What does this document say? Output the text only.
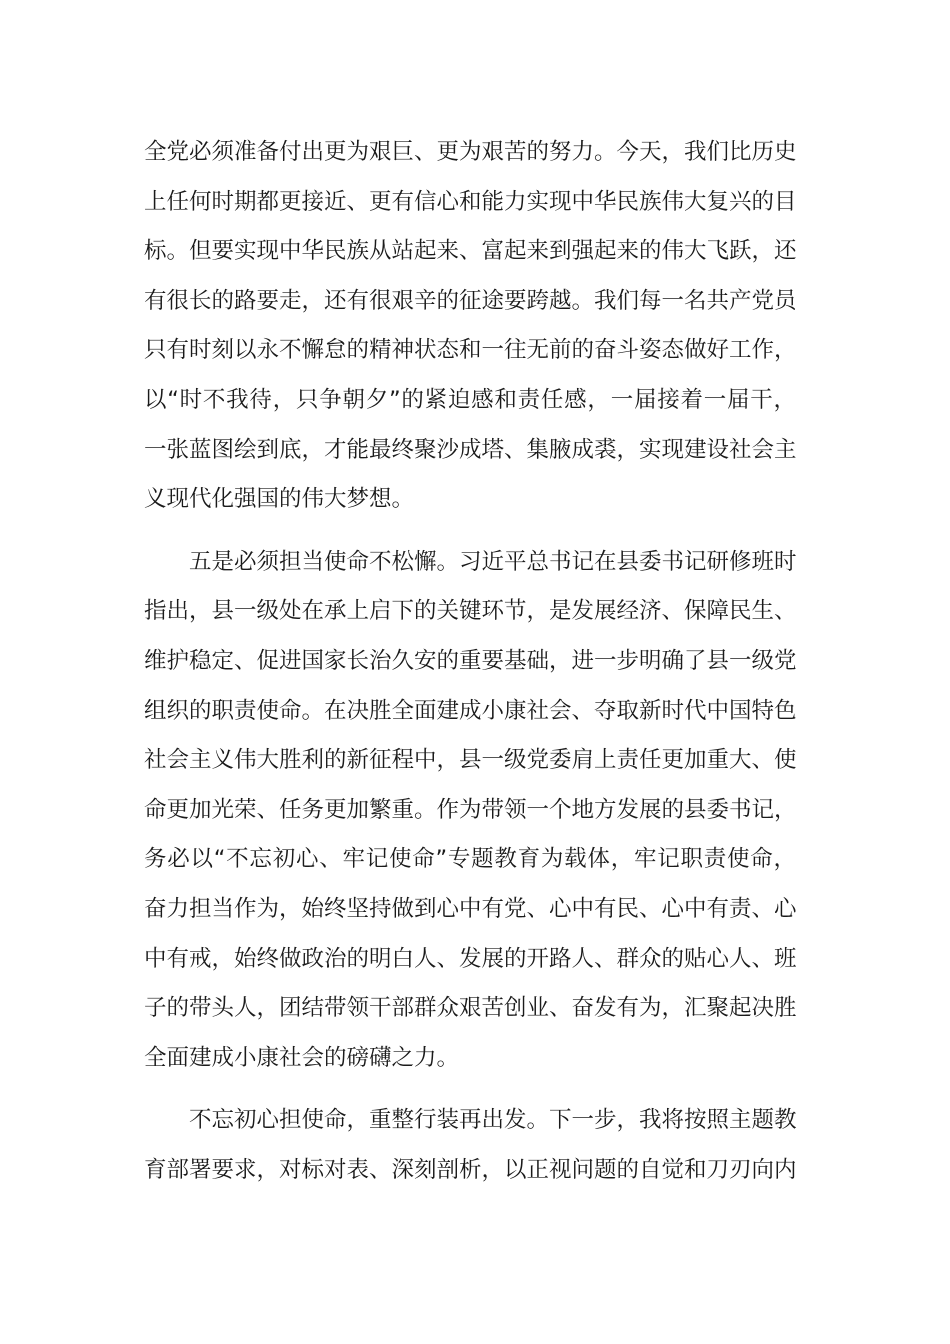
全党必须准备付出更为艰巨、更为艰苦的努力。今天，我们比历史
上任何时期都更接近、更有信心和能力实现中华民族伟大复兴的目
标。但要实现中华民族从站起来、富起来到强起来的伟大飞跃，还
有很长的路要走，还有很艰辛的征途要跨越。我们每一名共产党员
只有时刻以永不懈怠的精神状态和一往无前的奋斗姿态做好工作，
以“时不我待，只争朝夕”的紧迫感和责任感，一届接着一届干，
一张蓝图绘到底，才能最终聚沙成塔、集腋成裘，实现建设社会主
义现代化强国的伟大梦想。
五是必须担当使命不松懈。习近平总书记在县委书记研修班时
指出，县一级处在承上启下的关键环节，是发展经济、保障民生、
维护稳定、促进国家长治久安的重要基础，进一步明确了县一级党
组织的职责使命。在决胜全面建成小康社会、夺取新时代中国特色
社会主义伟大胜利的新征程中，县一级党委肩上责任更加重大、使
命更加光荣、任务更加繁重。作为带领一个地方发展的县委书记，
务必以“不忘初心、牢记使命”专题教育为载体，牢记职责使命，
奋力担当作为，始终坚持做到心中有党、心中有民、心中有责、心
中有戒，始终做政治的明白人、发展的开路人、群众的贴心人、班
子的带头人，团结带领干部群众艰苦创业、奋发有为，汇聚起决胜
全面建成小康社会的磅礴之力。
不忘初心担使命，重整行装再出发。下一步，我将按照主题教
育部署要求，对标对表、深刻剖析，以正视问题的自觉和刀刃向内
